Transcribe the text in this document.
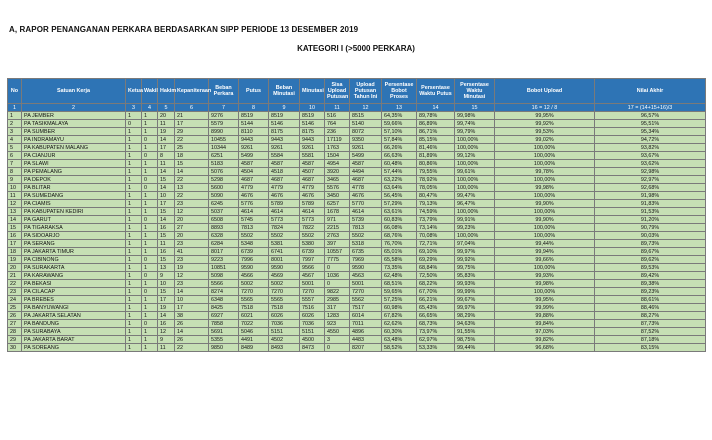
A, RAPOR PENANGANAN PERKARA BERDASARKAN SIPP PERIODE 13 DESEMBER 2019
KATEGORI I (>5000 PERKARA)
No	Satuan Kerja	Ketua	Wakil	Hakim	Kepaniteraan	Beban Perkara	Putus	Beban Minutasi	Minutasi	Sisa Upload Putusan	Upload Putusan Tahun Ini	Persentase Bobot Proses	Persentase Waktu Putus	Persentase Waktu Minutasi	Bobot Upload	Nilai Akhir
1	2	3	4	5	6	7	8	9	10	11	12	13	14	15	16 = 12 / 8	17 = (14+15+16)/3
1	PA JEMBER	1	1	20	21	9276	8519	8519	8519	516	8515	64,35%	89,78%	99,98%	99,95%	96,57%
2	PA TASIKMALAYA	0	1	11	17	5579	5144	5146	5146	764	5140	59,66%	86,89%	99,74%	99,92%	95,51%
3	PA SUMBER	1	1	19	29	8990	8110	8175	8175	236	8072	57,10%	86,71%	99,79%	99,53%	95,34%
4	PA INDRAMAYU	1	0	14	22	10455	9443	9443	9443	17119	9350	57,84%	85,15%	100,00%	99,02%	94,72%
5	PA KABUPATEN MALANG	1	1	17	25	10344	9261	9261	9261	1763	9261	66,26%	81,46%	100,00%	100,00%	93,82%
6	PA CIANJUR	1	0	8	18	6251	5499	5584	5581	1504	5499	66,63%	81,89%	99,12%	100,00%	93,67%
7	PA SLAWI	1	1	11	15	5183	4587	4587	4587	4954	4587	60,48%	80,86%	100,00%	100,00%	93,62%
8	PA PEMALANG	1	1	14	14	5076	4504	4518	4507	3920	4494	57,44%	79,55%	99,61%	99,78%	92,98%
9	PA DEPOK	1	0	15	22	5298	4687	4687	4687	3465	4687	63,22%	78,92%	100,00%	100,00%	92,97%
10	PA BLITAR	1	0	14	13	5600	4779	4779	4779	5576	4778	63,64%	78,05%	100,00%	99,98%	92,68%
11	PA SUMEDANG	1	1	10	22	5090	4676	4676	4676	3450	4676	56,45%	80,47%	99,47%	100,00%	91,98%
12	PA CIAMIS	1	1	17	23	6245	5776	5789	5789	6257	5770	57,29%	79,13%	96,47%	99,90%	91,83%
13	PA KABUPATEN KEDIRI	1	1	15	12	5037	4614	4614	4614	1678	4614	63,61%	74,59%	100,00%	100,00%	91,53%
14	PA GARUT	1	0	14	20	6508	5745	5773	5773	971	5739	60,83%	73,79%	99,91%	99,90%	91,20%
15	PA TIGARAKSA	1	1	16	27	8893	7813	7824	7822	2215	7813	66,08%	73,14%	99,23%	100,00%	90,79%
16	PA SIDOARJO	1	1	15	20	6328	5502	5502	5502	2763	5502	68,76%	70,08%	100,00%	100,00%	90,03%
17	PA SERANG	1	1	11	23	6284	5348	5381	5380	397	5318	76,70%	72,71%	97,04%	99,44%	89,73%
18	PA JAKARTA TIMUR	1	1	16	41	8017	6739	6741	6739	10557	6735	65,01%	69,10%	99,97%	99,94%	89,67%
19	PA CIBINONG	1	0	15	23	9223	7996	8001	7997	7775	7969	65,58%	69,29%	99,92%	99,66%	89,62%
20	PA SURAKARTA	1	1	13	19	10851	9590	9590	9566	0	9590	73,35%	68,84%	99,75%	100,00%	89,53%
21	PA KARAWANG	1	0	9	12	5098	4566	4569	4567	1036	4563	62,48%	72,50%	95,83%	99,93%	89,42%
22	PA BEKASI	1	1	10	23	5566	5002	5002	5001	0	5001	68,51%	68,22%	99,93%	99,98%	89,38%
23	PA CILACAP	1	0	15	14	8274	7270	7270	7270	9822	7270	59,65%	67,70%	99,99%	100,00%	89,23%
24	PA BREBES	1	1	17	10	6348	5565	5565	5557	2985	5562	57,25%	66,21%	99,67%	99,95%	88,61%
25	PA BANYUWANGI	1	1	19	17	8425	7518	7518	7516	317	7517	60,98%	65,43%	99,97%	99,99%	88,46%
26	PA JAKARTA SELATAN	1	1	14	38	6927	6021	6026	6026	1283	6014	67,82%	66,65%	98,29%	99,88%	88,27%
27	PA BANDUNG	1	0	16	26	7858	7022	7036	7036	923	7011	62,62%	68,73%	94,63%	99,84%	87,73%
28	PA SURABAYA	1	1	12	14	5691	5046	5151	5151	4550	4896	60,30%	73,97%	91,55%	97,03%	87,52%
29	PA JAKARTA BARAT	1	1	9	26	5355	4491	4502	4500	3	4483	63,48%	62,97%	98,75%	99,82%	87,18%
30	PA SOREANG	1	1	11	22	9850	8489	8493	8473	0	8207	58,52%	53,33%	99,44%	96,68%	83,15%
